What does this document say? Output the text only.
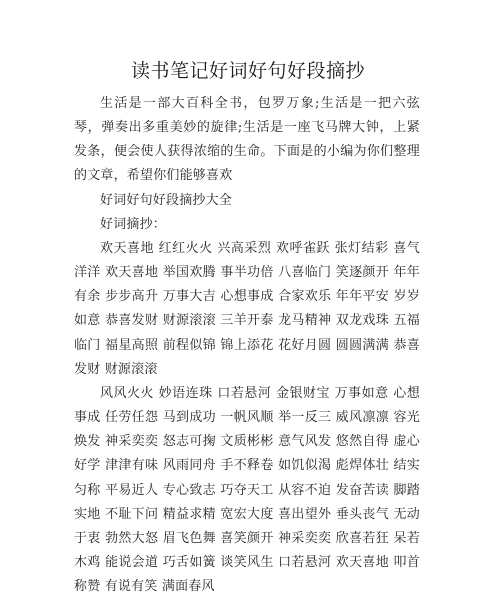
读书笔记好词好句好段摘抄

生活是一部大百科全书，包罗万象;生活是一把六弦琴，弹奏出多重美妙的旋律;生活是一座飞马牌大钟，上紧发条，便会使人获得浓缩的生命。下面是的小编为你们整理的文章，希望你们能够喜欢

好词好句好段摘抄大全

好词摘抄：

欢天喜地 红红火火 兴高采烈 欢呼雀跃 张灯结彩 喜气洋洋 欢天喜地 举国欢腾 事半功倍 八喜临门 笑逐颜开 年年有余 步步高升 万事大吉 心想事成 合家欢乐 年年平安 岁岁如意 恭喜发财 财源滚滚 三羊开泰 龙马精神 双龙戏珠 五福临门 福星高照 前程似锦 锦上添花 花好月圆 圆圆满满 恭喜发财 财源滚滚

风风火火 妙语连珠 口若悬河 金银财宝 万事如意 心想事成 任劳任怨 马到成功 一帆风顺 举一反三 威风凛凛 容光焕发 神采奕奕 怒志可掬 文质彬彬 意气风发 悠然自得 虚心好学 津津有味 风雨同舟 手不释卷 如饥似渴 彪焊体壮 结实匀称 平易近人 专心致志 巧夺天工 从容不迫 发奋苦读 脚踏实地 不耻下问 精益求精 宽宏大度 喜出望外 垂头丧气 无动于衷 勃然大怒 眉飞色舞 喜笑颜开 神采奕奕 欣喜若狂 呆若木鸡 能说会道 巧舌如簧 谈笑风生 口若悬河 欢天喜地 叩首称赞 有说有笑 满面春风
